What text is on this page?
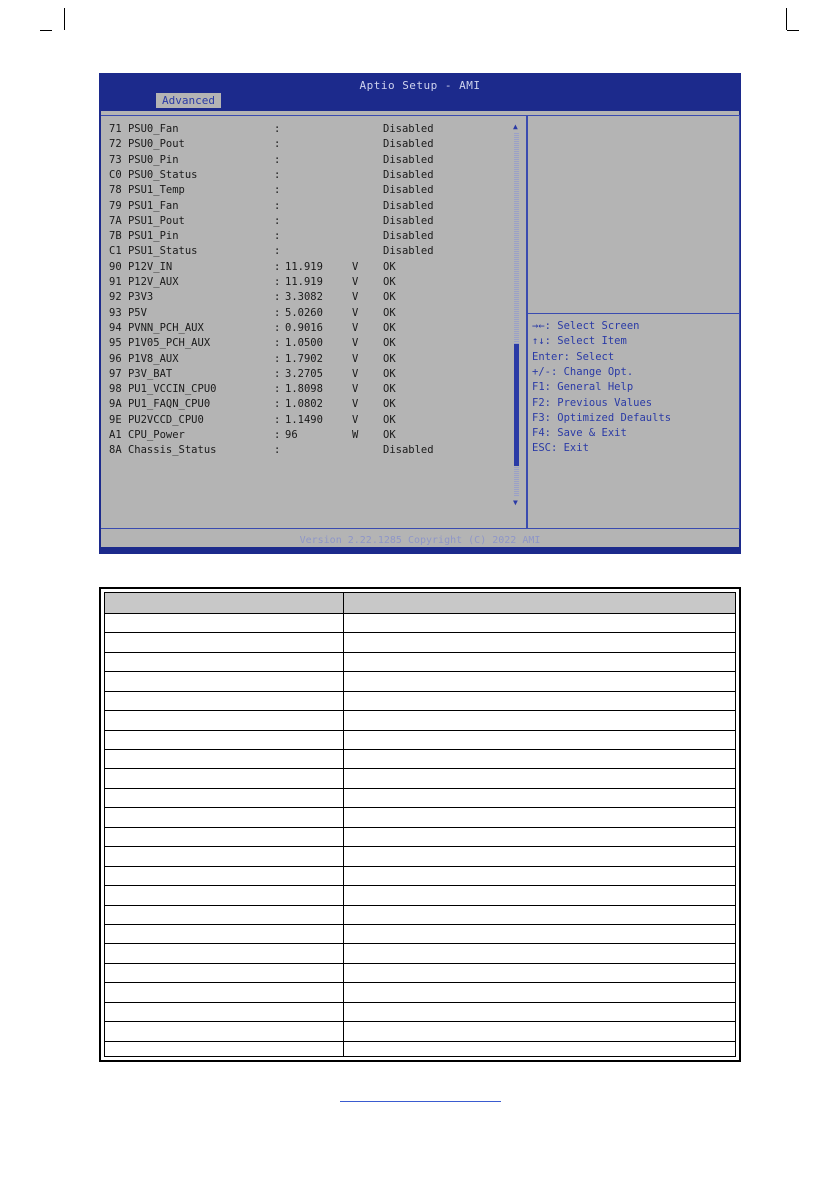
Aptio Setup - AMI
Advanced
71 PSU0_Fan	:	Disabled
72 PSU0_Pout	:	Disabled
73 PSU0_Pin	:	Disabled
C0 PSU0_Status	:	Disabled
78 PSU1_Temp	:	Disabled
79 PSU1_Fan	:	Disabled
7A PSU1_Pout	:	Disabled
7B PSU1_Pin	:	Disabled
C1 PSU1_Status	:	Disabled
90 P12V_IN	: 11.919	V OK
91 P12V_AUX	: 11.919	V OK
92 P3V3	: 3.3082	V OK
93 P5V	: 5.0260	V OK
94 PVNN_PCH_AUX	: 0.9016	V OK
95 P1V05_PCH_AUX	: 1.0500	V OK
96 P1V8_AUX	: 1.7902	V OK
97 P3V_BAT	: 3.2705	V OK
98 PU1_VCCIN_CPU0	: 1.8098	V OK
9A PU1_FAQN_CPU0	: 1.0802	V OK
9E PU2VCCD_CPU0	: 1.1490	V OK
A1 CPU_Power	: 96	W OK
8A Chassis_Status	:	Disabled
▲
▼
→←: Select Screen
↑↓: Select Item
Enter: Select
+/-: Change Opt.
F1: General Help
F2: Previous Values
F3: Optimized Defaults
F4: Save & Exit
ESC: Exit
Version 2.22.1285 Copyright (C) 2022 AMI
